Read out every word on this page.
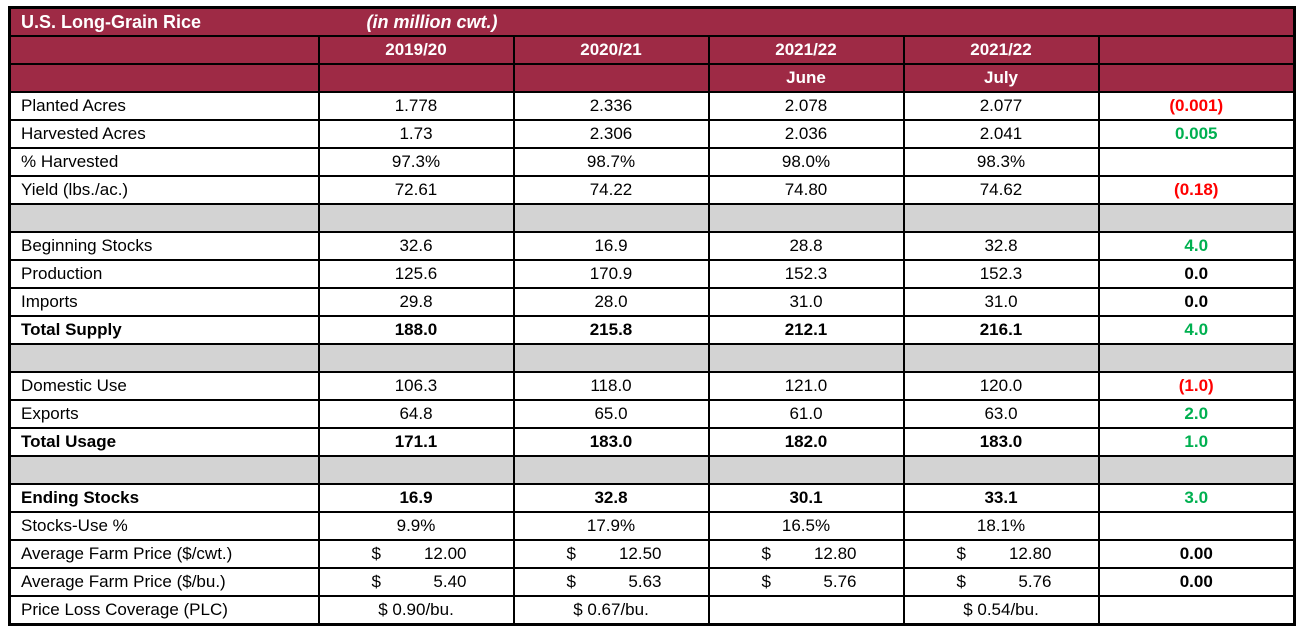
U.S. Long-Grain Rice	(in million cwt.)				
	2019/20	2020/21	2021/22	2021/22	
			June	July	
Planted Acres	1.778	2.336	2.078	2.077	(0.001)
Harvested Acres	1.73	2.306	2.036	2.041	0.005
% Harvested	97.3%	98.7%	98.0%	98.3%	
Yield (lbs./ac.)	72.61	74.22	74.80	74.62	(0.18)

Beginning Stocks	32.6	16.9	28.8	32.8	4.0
Production	125.6	170.9	152.3	152.3	0.0
Imports	29.8	28.0	31.0	31.0	0.0
Total Supply	188.0	215.8	212.1	216.1	4.0

Domestic Use	106.3	118.0	121.0	120.0	(1.0)
Exports	64.8	65.0	61.0	63.0	2.0
Total Usage	171.1	183.0	182.0	183.0	1.0

Ending Stocks	16.9	32.8	30.1	33.1	3.0
Stocks-Use %	9.9%	17.9%	16.5%	18.1%	
Average Farm Price ($/cwt.)	$ 12.00	$ 12.50	$ 12.80	$ 12.80	0.00
Average Farm Price ($/bu.)	$ 5.40	$ 5.63	$ 5.76	$ 5.76	0.00
Price Loss Coverage (PLC)	$ 0.90/bu.	$ 0.67/bu.		$ 0.54/bu.	
